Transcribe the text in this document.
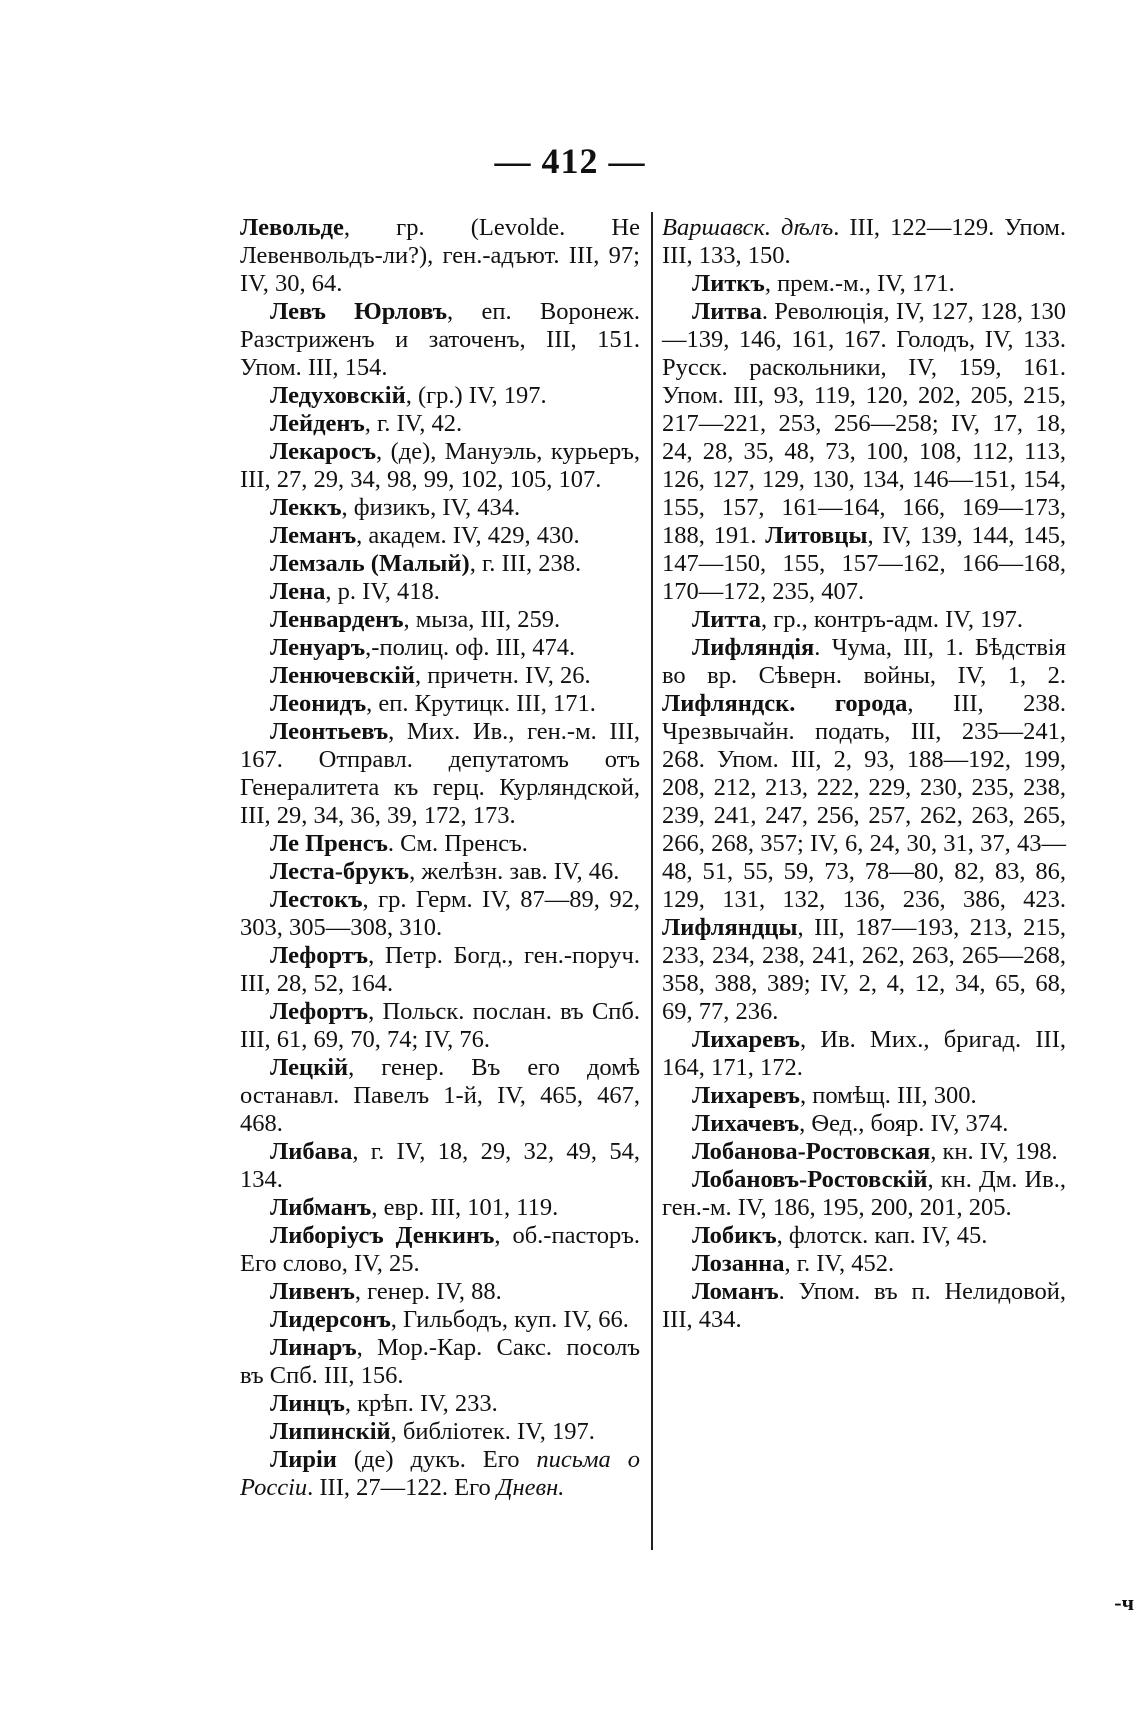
— 412 —

Левольде, гр. (Levolde. Не Левенвольдъ-ли?), ген.-адъют. III, 97; IV, 30, 64.

Левъ Юрловъ, еп. Воронеж. Разстриженъ и заточенъ, III, 151. Упом. III, 154.

Ледуховскій, (гр.) IV, 197.

Лейденъ, г. IV, 42.

Лекаросъ, (де), Мануэль, курьеръ, III, 27, 29, 34, 98, 99, 102, 105, 107.

Леккъ, физикъ, IV, 434.

Леманъ, академ. IV, 429, 430.

Лемзаль (Малый), г. III, 238.

Лена, р. IV, 418.

Ленварденъ, мыза, III, 259.

Ленуаръ,-полиц. оф. III, 474.

Ленючевскій, причетн. IV, 26.

Леонидъ, еп. Крутицк. III, 171.

Леонтьевъ, Мих. Ив., ген.-м. III, 167. Отправл. депутатомъ отъ Генералитета къ герц. Курляндской, III, 29, 34, 36, 39, 172, 173.

Ле Пренсъ. См. Пренсъ.

Леста-брукъ, желѣзн. зав. IV, 46.

Лестокъ, гр. Герм. IV, 87—89, 92, 303, 305—308, 310.

Лефортъ, Петр. Богд., ген.-поруч. III, 28, 52, 164.

Лефортъ, Польск. послан. въ Спб. III, 61, 69, 70, 74; IV, 76.

Лецкій, генер. Въ его домѣ останавл. Павелъ 1-й, IV, 465, 467, 468.

Либава, г. IV, 18, 29, 32, 49, 54, 134.

Либманъ, евр. III, 101, 119.

Либоріусъ Денкинъ, об.-пасторъ. Его слово, IV, 25.

Ливенъ, генер. IV, 88.

Лидерсонъ, Гильбодъ, куп. IV, 66.

Линаръ, Мор.-Кар. Сакс. посолъ въ Спб. III, 156.

Линцъ, крѣп. IV, 233.

Липинскій, библіотек. IV, 197.

Лиріи (де) дукъ. Его письма о Россіи. III, 27—122. Его Дневн.

Варшавск. дѣлъ. III, 122—129. Упом. III, 133, 150.

Литкъ, прем.-м., IV, 171.

Литва. Революція, IV, 127, 128, 130—139, 146, 161, 167. Голодъ, IV, 133. Русск. раскольники, IV, 159, 161. Упом. III, 93, 119, 120, 202, 205, 215, 217—221, 253, 256—258; IV, 17, 18, 24, 28, 35, 48, 73, 100, 108, 112, 113, 126, 127, 129, 130, 134, 146—151, 154, 155, 157, 161—164, 166, 169—173, 188, 191. Литовцы, IV, 139, 144, 145, 147—150, 155, 157—162, 166—168, 170—172, 235, 407.

Литта, гр., контръ-адм. IV, 197.

Лифляндія. Чума, III, 1. Бѣдствія во вр. Сѣверн. войны, IV, 1, 2. Лифляндск. города, III, 238. Чрезвычайн. подать, III, 235—241, 268. Упом. III, 2, 93, 188—192, 199, 208, 212, 213, 222, 229, 230, 235, 238, 239, 241, 247, 256, 257, 262, 263, 265, 266, 268, 357; IV, 6, 24, 30, 31, 37, 43—48, 51, 55, 59, 73, 78—80, 82, 83, 86, 129, 131, 132, 136, 236, 386, 423. Лифляндцы, III, 187—193, 213, 215, 233, 234, 238, 241, 262, 263, 265—268, 358, 388, 389; IV, 2, 4, 12, 34, 65, 68, 69, 77, 236.

Лихаревъ, Ив. Мих., бригад. III, 164, 171, 172.

Лихаревъ, помѣщ. III, 300.

Лихачевъ, Ѳед., бояр. IV, 374.

Лобанова-Ростовская, кн. IV, 198.

Лобановъ-Ростовскій, кн. Дм. Ив., ген.-м. IV, 186, 195, 200, 201, 205.

Лобикъ, флотск. кап. IV, 45.

Лозанна, г. IV, 452.

Ломанъ. Упом. въ п. Нелидовой, III, 434.

-ч
